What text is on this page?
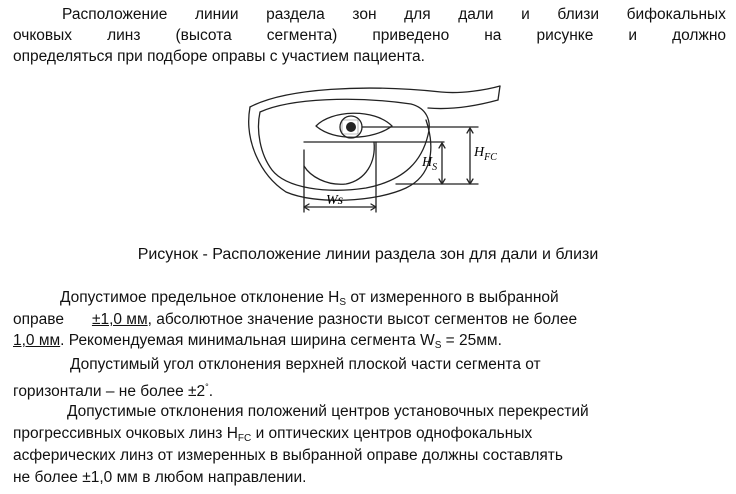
Расположение линии раздела зон для дали и близи бифокальных
очковых линз (высота сегмента) приведено на рисунке и должно
определяться при подборе оправы с участием пациента.
$H_S$
$H_{FC}$
Ws
Рисунок - Расположение линии раздела зон для дали и близи
Допустимое предельное отклонение $H_S$ от измеренного в выбранной
оправе ±1,0 мм , абсолютное значение разности высот сегментов не более
1,0 мм . Рекомендуемая минимальная ширина сегмента $W_S = 25мм$.
Допустимый угол отклонения верхней плоской части сегмента от
горизонтали – не более ±2°.
Допустимые отклонения положений центров установочных перекрестий
прогрессивных очковых линз $H_{FC}$ и оптических центров однофокальных
асферических линз от измеренных в выбранной оправе должны составлять
не более ±1,0 мм в любом направлении.
